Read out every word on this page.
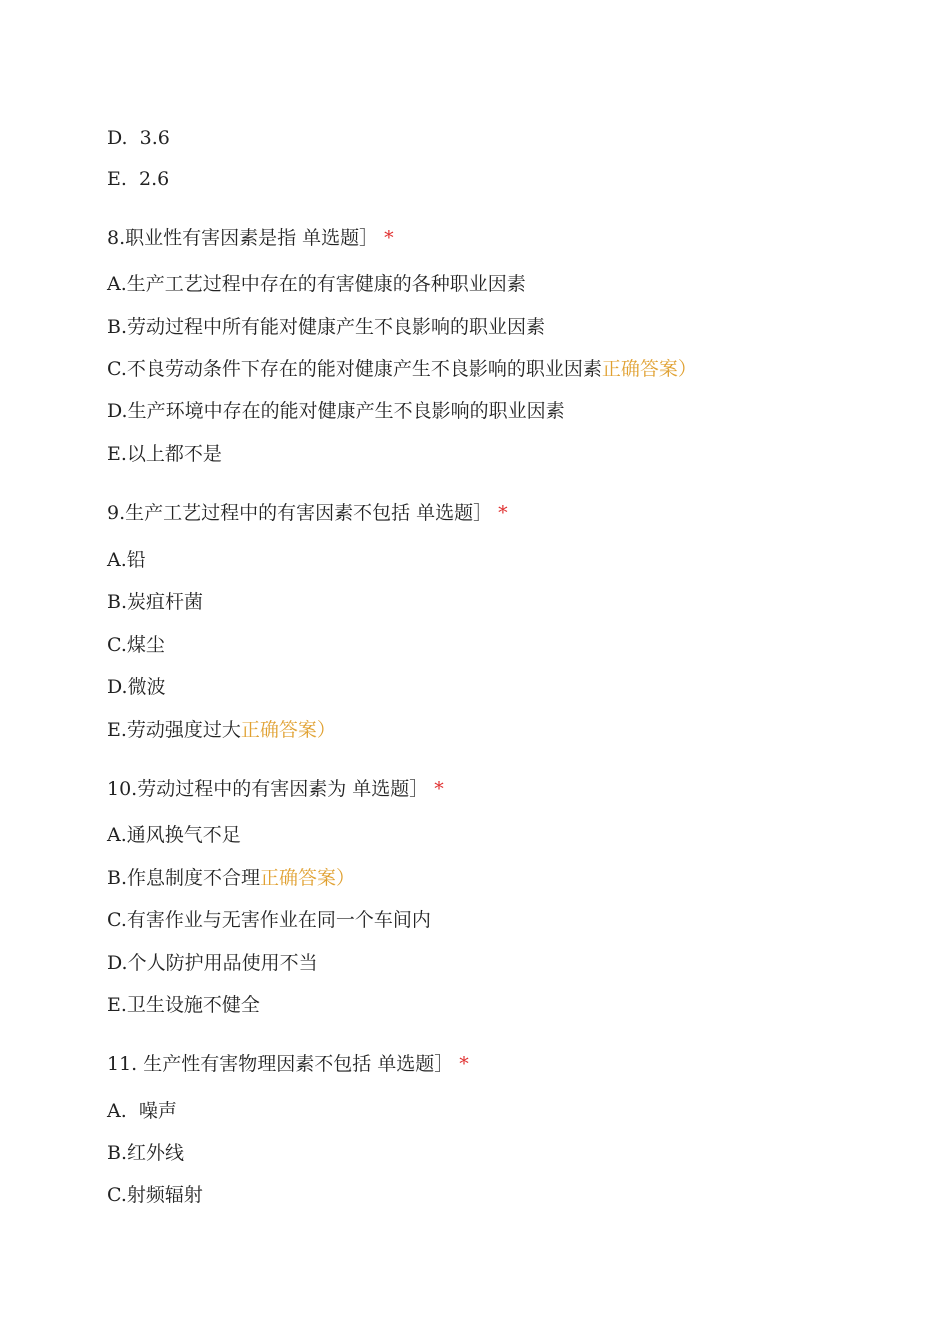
D.  3.6
E.  2.6
8.职业性有害因素是指 单选题］ *
A.生产工艺过程中存在的有害健康的各种职业因素
B.劳动过程中所有能对健康产生不良影响的职业因素
C.不良劳动条件下存在的能对健康产生不良影响的职业因素正确答案）
D.生产环境中存在的能对健康产生不良影响的职业因素
E.以上都不是
9.生产工艺过程中的有害因素不包括 单选题］ *
A.铅
B.炭疽杆菌
C.煤尘
D.微波
E.劳动强度过大正确答案）
10.劳动过程中的有害因素为 单选题］ *
A.通风换气不足
B.作息制度不合理正确答案）
C.有害作业与无害作业在同一个车间内
D.个人防护用品使用不当
E.卫生设施不健全
11. 生产性有害物理因素不包括 单选题］ *
A.  噪声
B.红外线
C.射频辐射
